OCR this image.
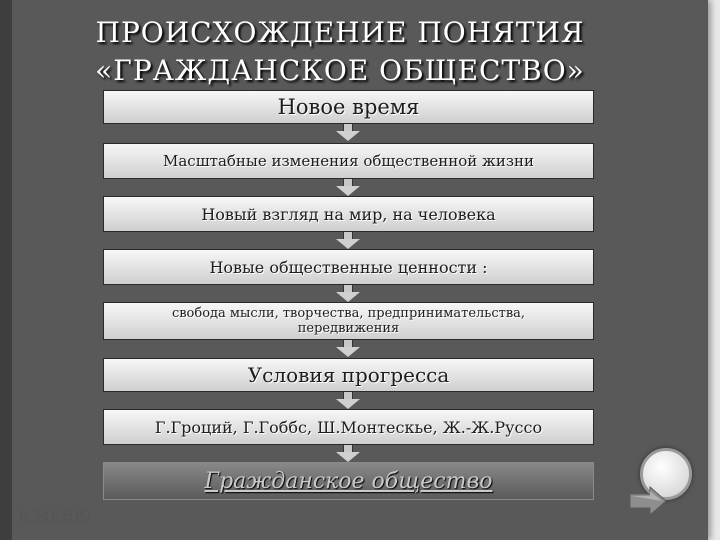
ПРОИСХОЖДЕНИЕ ПОНЯТИЯ
«ГРАЖДАНСКОЕ ОБЩЕСТВО»
Новое время
Масштабные изменения общественной жизни
Новый взгляд на мир, на человека
Новые общественные ценности :
свобода мысли, творчества, предпринимательства, передвижения
Условия прогресса
Г.Гроций, Г.Гоббс, Ш.Монтескье, Ж.-Ж.Руссо
Гражданское общество
В МЕНЮ
